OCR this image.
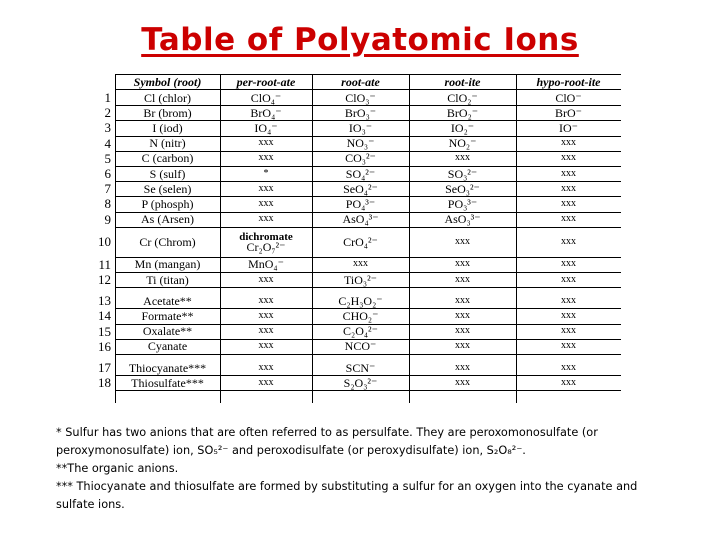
Table of Polyatomic Ions
Symbol (root)	per-root-ate	root-ate	root-ite	hypo-root-ite
1	Cl (chlor)	ClO₄⁻	ClO₃⁻	ClO₂⁻	ClO⁻
2	Br (brom)	BrO₄⁻	BrO₃⁻	BrO₂⁻	BrO⁻
3	I (iod)	IO₄⁻	IO₃⁻	IO₂⁻	IO⁻
4	N (nitr)	xxx	NO₃⁻	NO₂⁻	xxx
5	C (carbon)	xxx	CO₃²⁻	xxx	xxx
6	S (sulf)	*	SO₄²⁻	SO₃²⁻	xxx
7	Se (selen)	xxx	SeO₄²⁻	SeO₃²⁻	xxx
8	P (phosph)	xxx	PO₄³⁻	PO₃³⁻	xxx
9	As (Arsen)	xxx	AsO₄³⁻	AsO₃³⁻	xxx
10	Cr (Chrom)	dichromate
Cr₂O₇²⁻	CrO₄²⁻	xxx	xxx
11	Mn (mangan)	MnO₄⁻	xxx	xxx	xxx
12	Ti (titan)	xxx	TiO₃²⁻	xxx	xxx
13	Acetate**	xxx	C₂H₃O₂⁻	xxx	xxx
14	Formate**	xxx	CHO₂⁻	xxx	xxx
15	Oxalate**	xxx	C₂O₄²⁻	xxx	xxx
16	Cyanate	xxx	NCO⁻	xxx	xxx
17	Thiocyanate***	xxx	SCN⁻	xxx	xxx
18	Thiosulfate***	xxx	S₂O₃²⁻	xxx	xxx

* Sulfur has two anions that are often referred to as persulfate. They are peroxomonosulfate (or peroxymonosulfate) ion, SO₅²⁻ and peroxodisulfate (or peroxydisulfate) ion, S₂O₈²⁻.

**The organic anions.

*** Thiocyanate and thiosulfate are formed by substituting a sulfur for an oxygen into the cyanate and sulfate ions.
